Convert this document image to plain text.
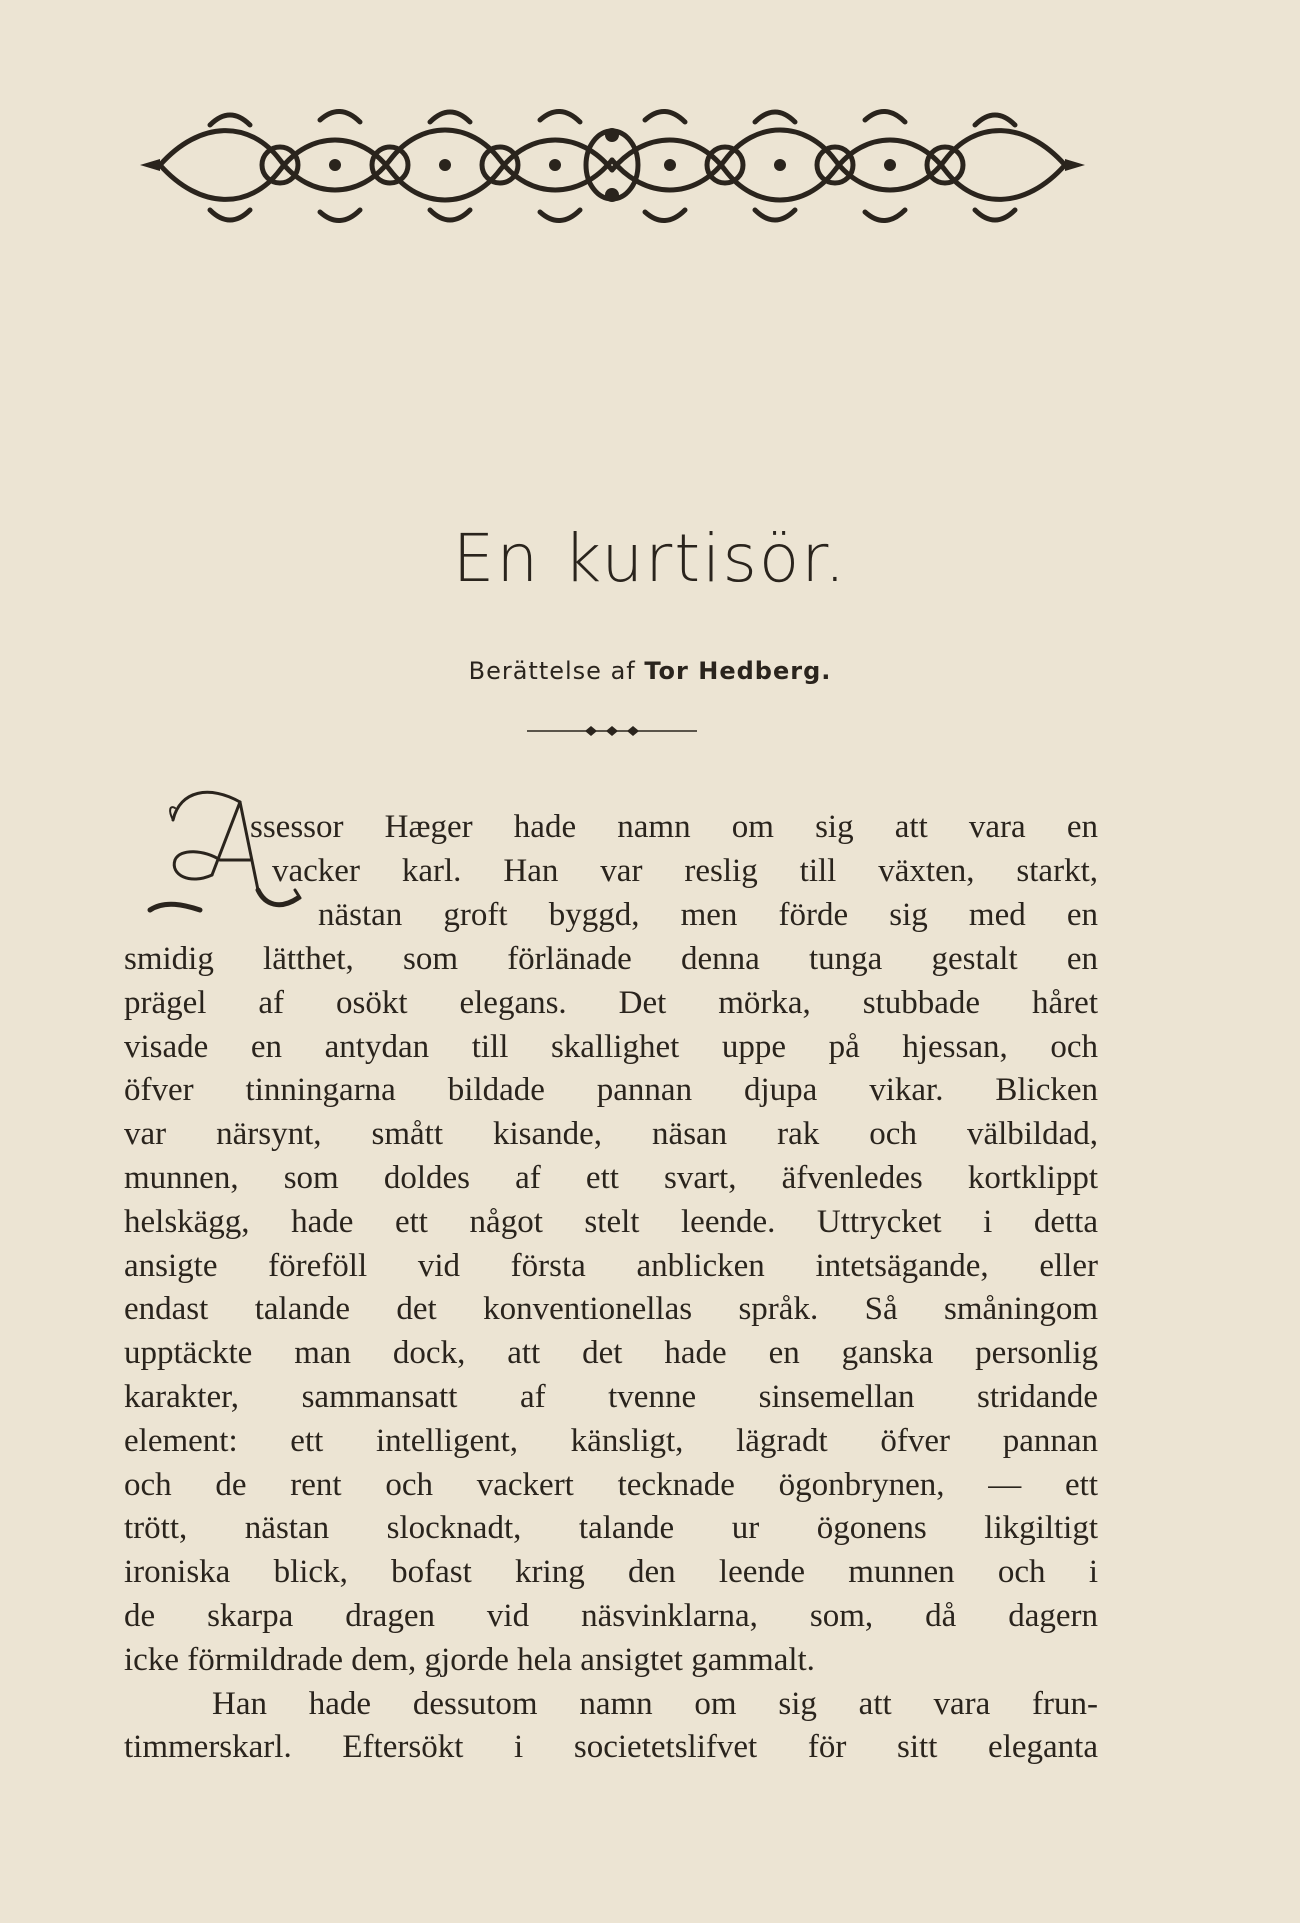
En kurtisör.
Berättelse af Tor Hedberg.
A
ssessor Hæger hade namn om sig att vara en
vacker karl. Han var reslig till växten, starkt,
nästan groft byggd, men förde sig med en
smidig lätthet, som förlänade denna tunga gestalt en
prägel af osökt elegans. Det mörka, stubbade håret
visade en antydan till skallighet uppe på hjessan, och
öfver tinningarna bildade pannan djupa vikar. Blicken
var närsynt, smått kisande, näsan rak och välbildad,
munnen, som doldes af ett svart, äfvenledes kortklippt
helskägg, hade ett något stelt leende. Uttrycket i detta
ansigte föreföll vid första anblicken intetsägande, eller
endast talande det konventionellas språk. Så småningom
upptäckte man dock, att det hade en ganska personlig
karakter, sammansatt af tvenne sinsemellan stridande
element: ett intelligent, känsligt, lägradt öfver pannan
och de rent och vackert tecknade ögonbrynen, — ett
trött, nästan slocknadt, talande ur ögonens likgiltigt
ironiska blick, bofast kring den leende munnen och i
de skarpa dragen vid näsvinklarna, som, då dagern
icke förmildrade dem, gjorde hela ansigtet gammalt.
Han hade dessutom namn om sig att vara frun-
timmerskarl. Eftersökt i societetslifvet för sitt eleganta
